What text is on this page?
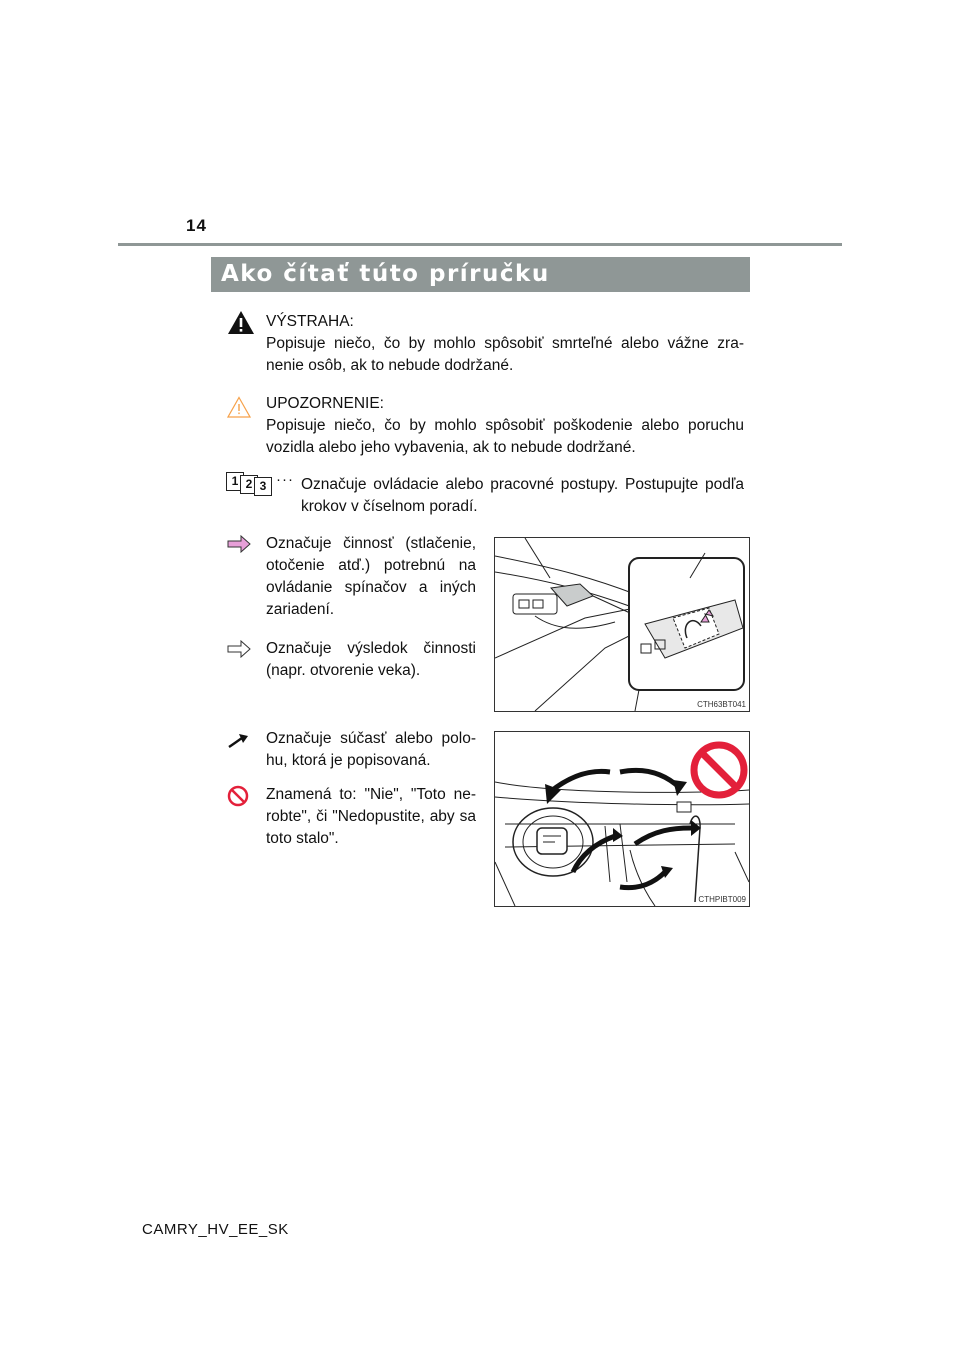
14
Ako čítať túto príručku
VÝSTRAHA:
Popisuje niečo, čo by mohlo spôsobiť smrteľné alebo vážne zra-nenie osôb, ak to nebude dodržané.
UPOZORNENIE:
Popisuje niečo, čo by mohlo spôsobiť poškodenie alebo poruchu vozidla alebo jeho vybavenia, ak to nebude dodržané.
1 2 3 ··· Označuje ovládacie alebo pracovné postupy. Postupujte podľa krokov v číselnom poradí.
Označuje činnosť (stlačenie, otočenie atď.) potrebnú na ovládanie spínačov a iných zariadení.
Označuje výsledok činnosti (napr. otvorenie veka).
CTH63BT041
Označuje súčasť alebo polo-hu, ktorá je popisovaná.
Znamená to: "Nie", "Toto ne-robte", či "Nedopustite, aby sa toto stalo".
CTHPIBT009
CAMRY_HV_EE_SK
